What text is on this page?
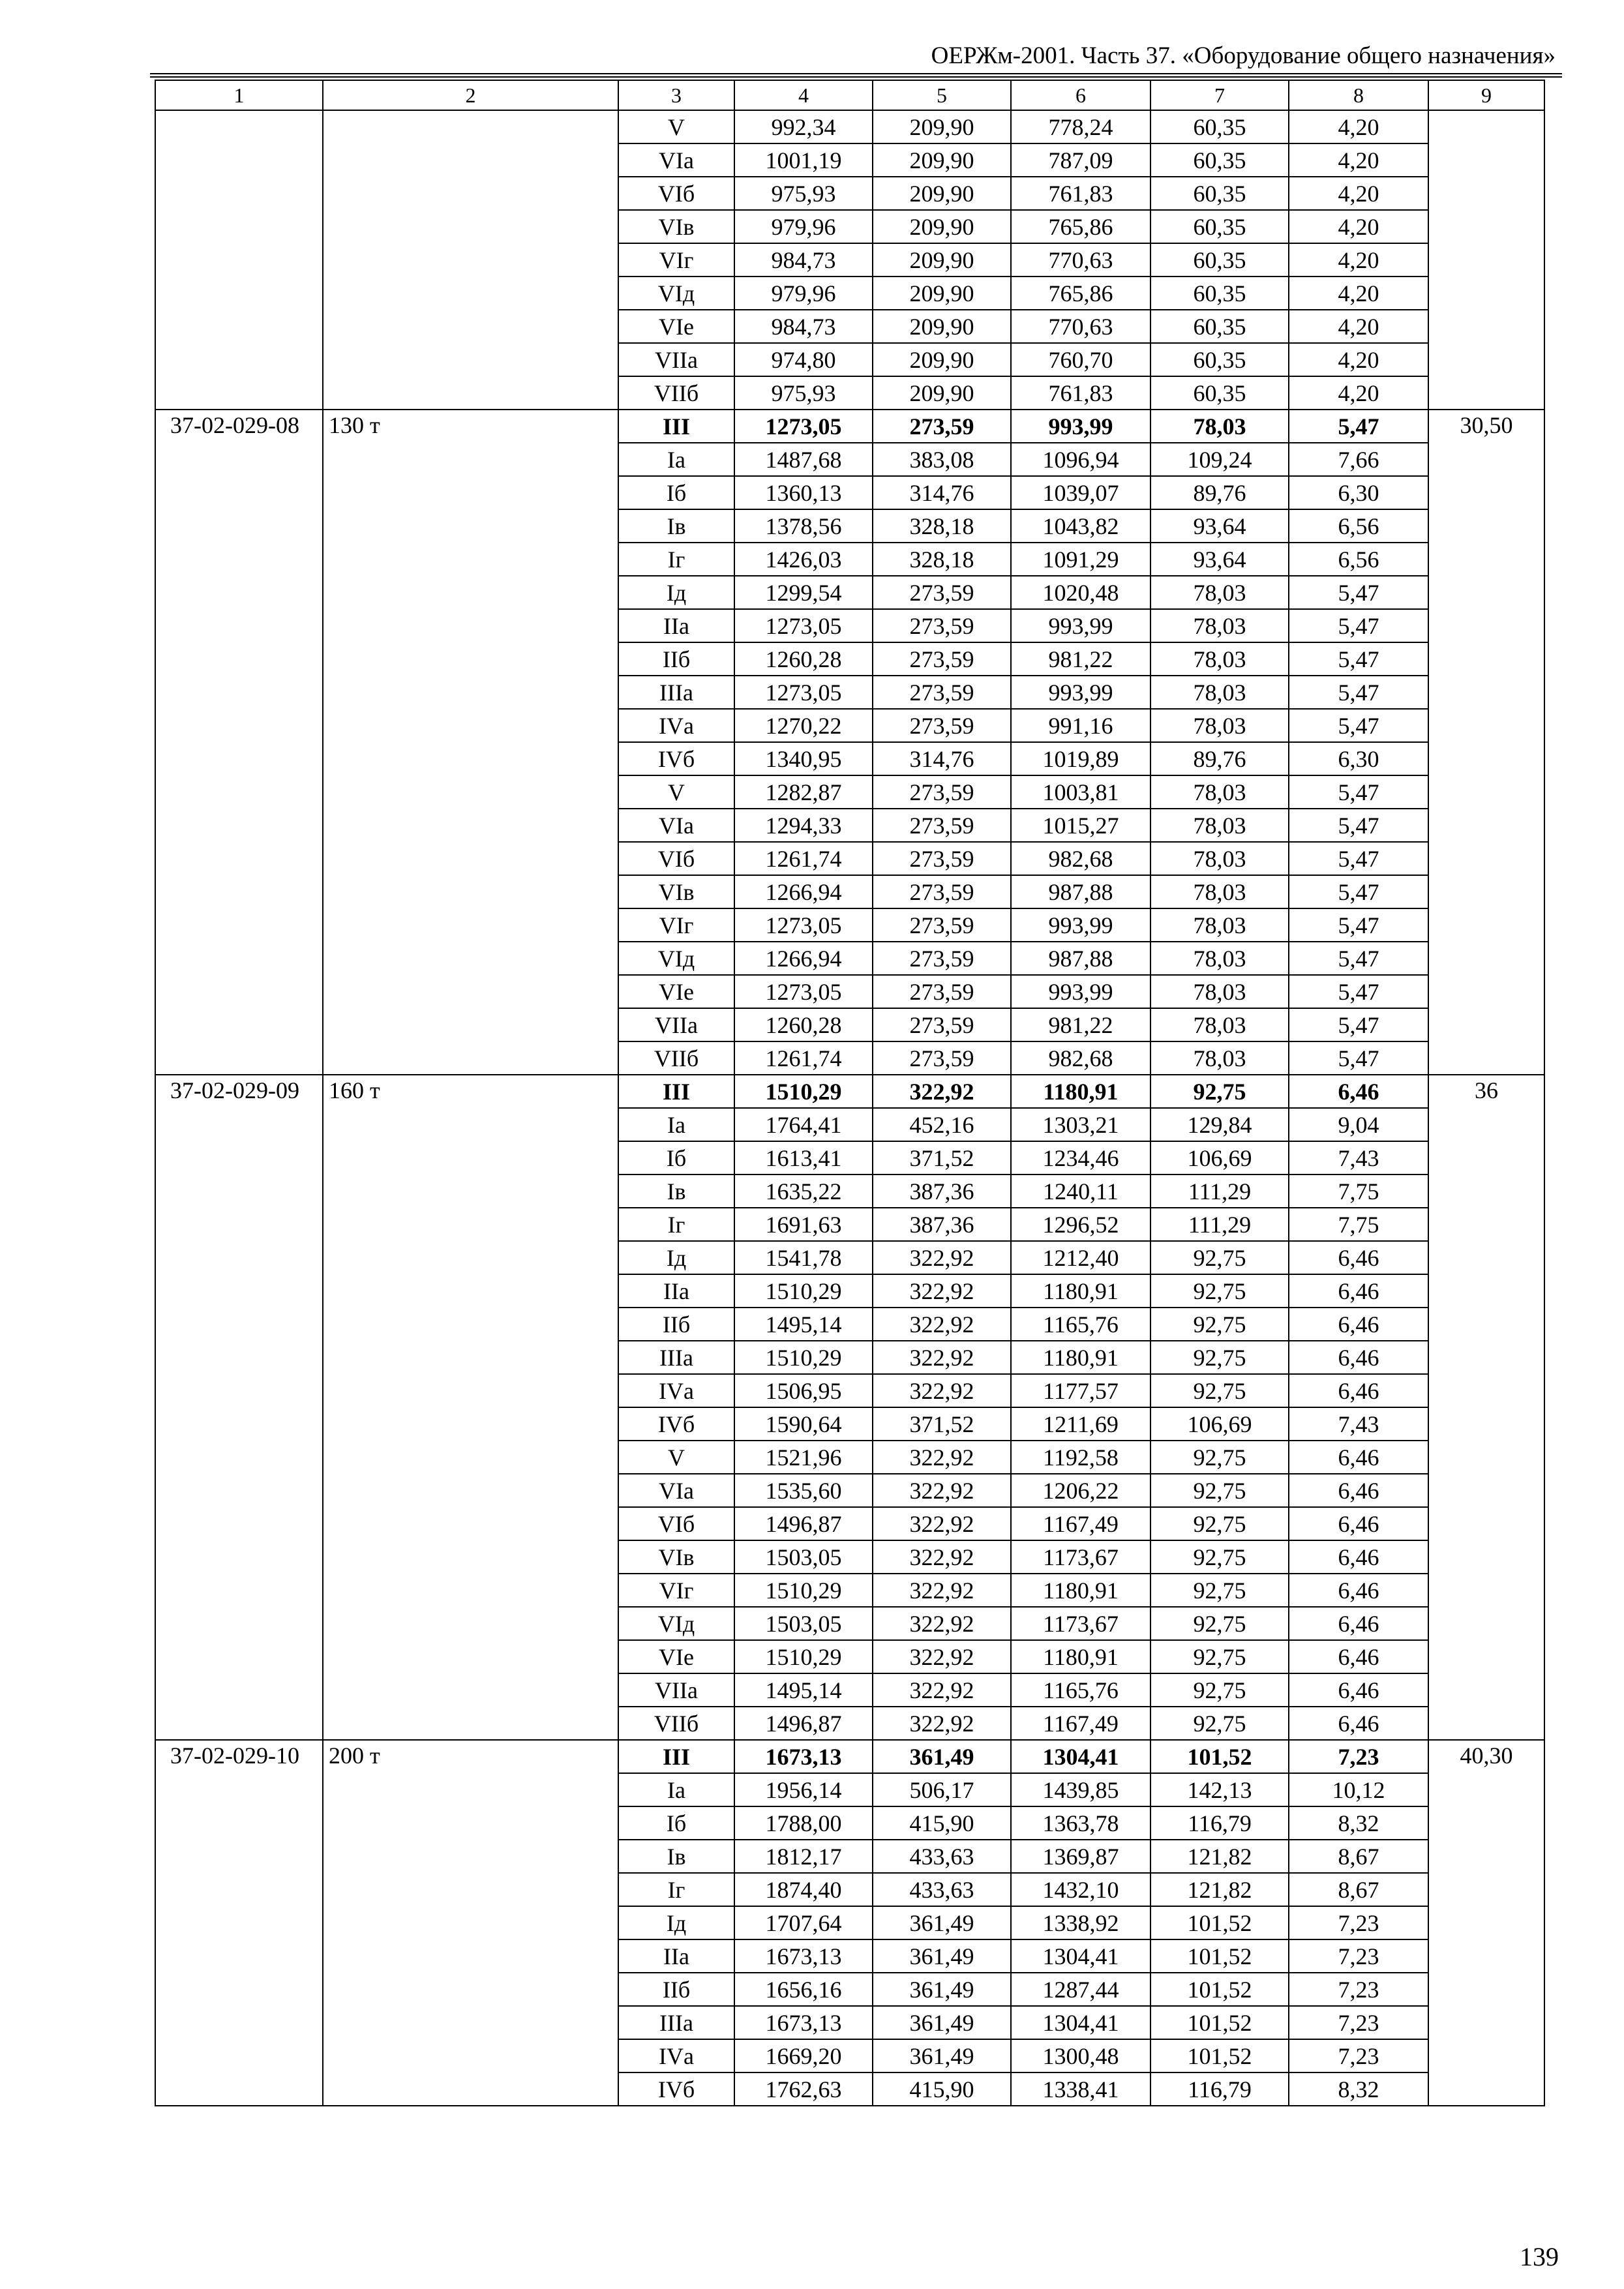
ОЕРЖм-2001. Часть 37. «Оборудование общего назначения»
1	2	3	4	5	6	7	8	9
		V	992,34	209,90	778,24	60,35	4,20	
		VIа	1001,19	209,90	787,09	60,35	4,20	
		VIб	975,93	209,90	761,83	60,35	4,20	
		VIв	979,96	209,90	765,86	60,35	4,20	
		VIг	984,73	209,90	770,63	60,35	4,20	
		VIд	979,96	209,90	765,86	60,35	4,20	
		VIе	984,73	209,90	770,63	60,35	4,20	
		VIIа	974,80	209,90	760,70	60,35	4,20	
		VIIб	975,93	209,90	761,83	60,35	4,20	
37-02-029-08	130 т	III	1273,05	273,59	993,99	78,03	5,47	30,50
		Iа	1487,68	383,08	1096,94	109,24	7,66	
		Iб	1360,13	314,76	1039,07	89,76	6,30	
		Iв	1378,56	328,18	1043,82	93,64	6,56	
		Iг	1426,03	328,18	1091,29	93,64	6,56	
		Iд	1299,54	273,59	1020,48	78,03	5,47	
		IIа	1273,05	273,59	993,99	78,03	5,47	
		IIб	1260,28	273,59	981,22	78,03	5,47	
		IIIа	1273,05	273,59	993,99	78,03	5,47	
		IVа	1270,22	273,59	991,16	78,03	5,47	
		IVб	1340,95	314,76	1019,89	89,76	6,30	
		V	1282,87	273,59	1003,81	78,03	5,47	
		VIа	1294,33	273,59	1015,27	78,03	5,47	
		VIб	1261,74	273,59	982,68	78,03	5,47	
		VIв	1266,94	273,59	987,88	78,03	5,47	
		VIг	1273,05	273,59	993,99	78,03	5,47	
		VIд	1266,94	273,59	987,88	78,03	5,47	
		VIе	1273,05	273,59	993,99	78,03	5,47	
		VIIа	1260,28	273,59	981,22	78,03	5,47	
		VIIб	1261,74	273,59	982,68	78,03	5,47	
37-02-029-09	160 т	III	1510,29	322,92	1180,91	92,75	6,46	36
		Iа	1764,41	452,16	1303,21	129,84	9,04	
		Iб	1613,41	371,52	1234,46	106,69	7,43	
		Iв	1635,22	387,36	1240,11	111,29	7,75	
		Iг	1691,63	387,36	1296,52	111,29	7,75	
		Iд	1541,78	322,92	1212,40	92,75	6,46	
		IIа	1510,29	322,92	1180,91	92,75	6,46	
		IIб	1495,14	322,92	1165,76	92,75	6,46	
		IIIа	1510,29	322,92	1180,91	92,75	6,46	
		IVа	1506,95	322,92	1177,57	92,75	6,46	
		IVб	1590,64	371,52	1211,69	106,69	7,43	
		V	1521,96	322,92	1192,58	92,75	6,46	
		VIа	1535,60	322,92	1206,22	92,75	6,46	
		VIб	1496,87	322,92	1167,49	92,75	6,46	
		VIв	1503,05	322,92	1173,67	92,75	6,46	
		VIг	1510,29	322,92	1180,91	92,75	6,46	
		VIд	1503,05	322,92	1173,67	92,75	6,46	
		VIе	1510,29	322,92	1180,91	92,75	6,46	
		VIIа	1495,14	322,92	1165,76	92,75	6,46	
		VIIб	1496,87	322,92	1167,49	92,75	6,46	
37-02-029-10	200 т	III	1673,13	361,49	1304,41	101,52	7,23	40,30
		Iа	1956,14	506,17	1439,85	142,13	10,12	
		Iб	1788,00	415,90	1363,78	116,79	8,32	
		Iв	1812,17	433,63	1369,87	121,82	8,67	
		Iг	1874,40	433,63	1432,10	121,82	8,67	
		Iд	1707,64	361,49	1338,92	101,52	7,23	
		IIа	1673,13	361,49	1304,41	101,52	7,23	
		IIб	1656,16	361,49	1287,44	101,52	7,23	
		IIIа	1673,13	361,49	1304,41	101,52	7,23	
		IVа	1669,20	361,49	1300,48	101,52	7,23	
		IVб	1762,63	415,90	1338,41	116,79	8,32	
139
